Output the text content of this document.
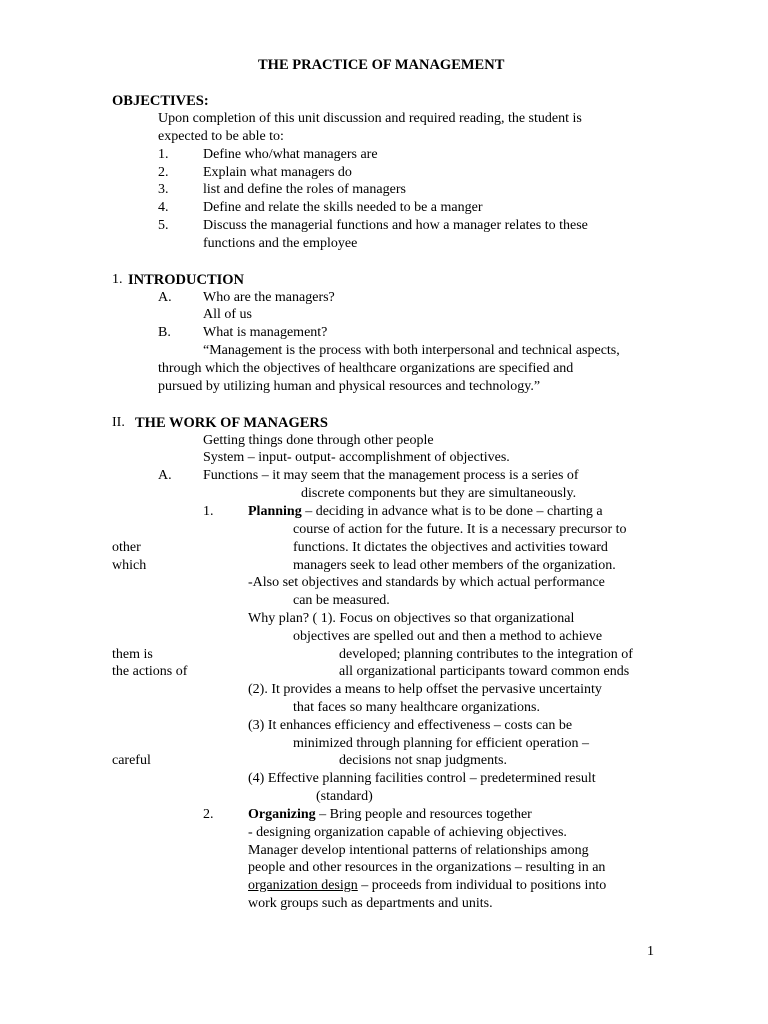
THE PRACTICE OF MANAGEMENT
OBJECTIVES:
Upon completion of this unit discussion and required reading, the student is
expected to be able to:
1. Define who/what managers are
2. Explain what managers do
3. list and define the roles of managers
4. Define and relate the skills needed to be a manger
5. Discuss the managerial functions and how a manager relates to these
functions and the employee
1. INTRODUCTION
A. Who are the managers?
All of us
B. What is management?
“Management is the process with both interpersonal and technical aspects,
through which the objectives of healthcare organizations are specified and
pursued by utilizing human and physical resources and technology.”
II. THE WORK OF MANAGERS
Getting things done through other people
System – input- output- accomplishment of objectives.
A. Functions – it may seem that the management process is a series of
discrete components but they are simultaneously.
1. Planning – deciding in advance what is to be done – charting a
course of action for the future. It is a necessary precursor to
other	functions. It dictates the objectives and activities toward
which	managers seek to lead other members of the organization.
-Also set objectives and standards by which actual performance
can be measured.
Why plan? ( 1). Focus on objectives so that organizational
objectives are spelled out and then a method to achieve
them is	developed; planning contributes to the integration of
the actions of	all organizational participants toward common ends
(2). It provides a means to help offset the pervasive uncertainty
that faces so many healthcare organizations.
(3) It enhances efficiency and effectiveness – costs can be
minimized through planning for efficient operation –
careful	decisions not snap judgments.
(4) Effective planning facilities control – predetermined result
(standard)
2. Organizing – Bring people and resources together
- designing organization capable of achieving objectives.
Manager develop intentional patterns of relationships among
people and other resources in the organizations – resulting in an
organization design – proceeds from individual to positions into
work groups such as departments and units.
1
